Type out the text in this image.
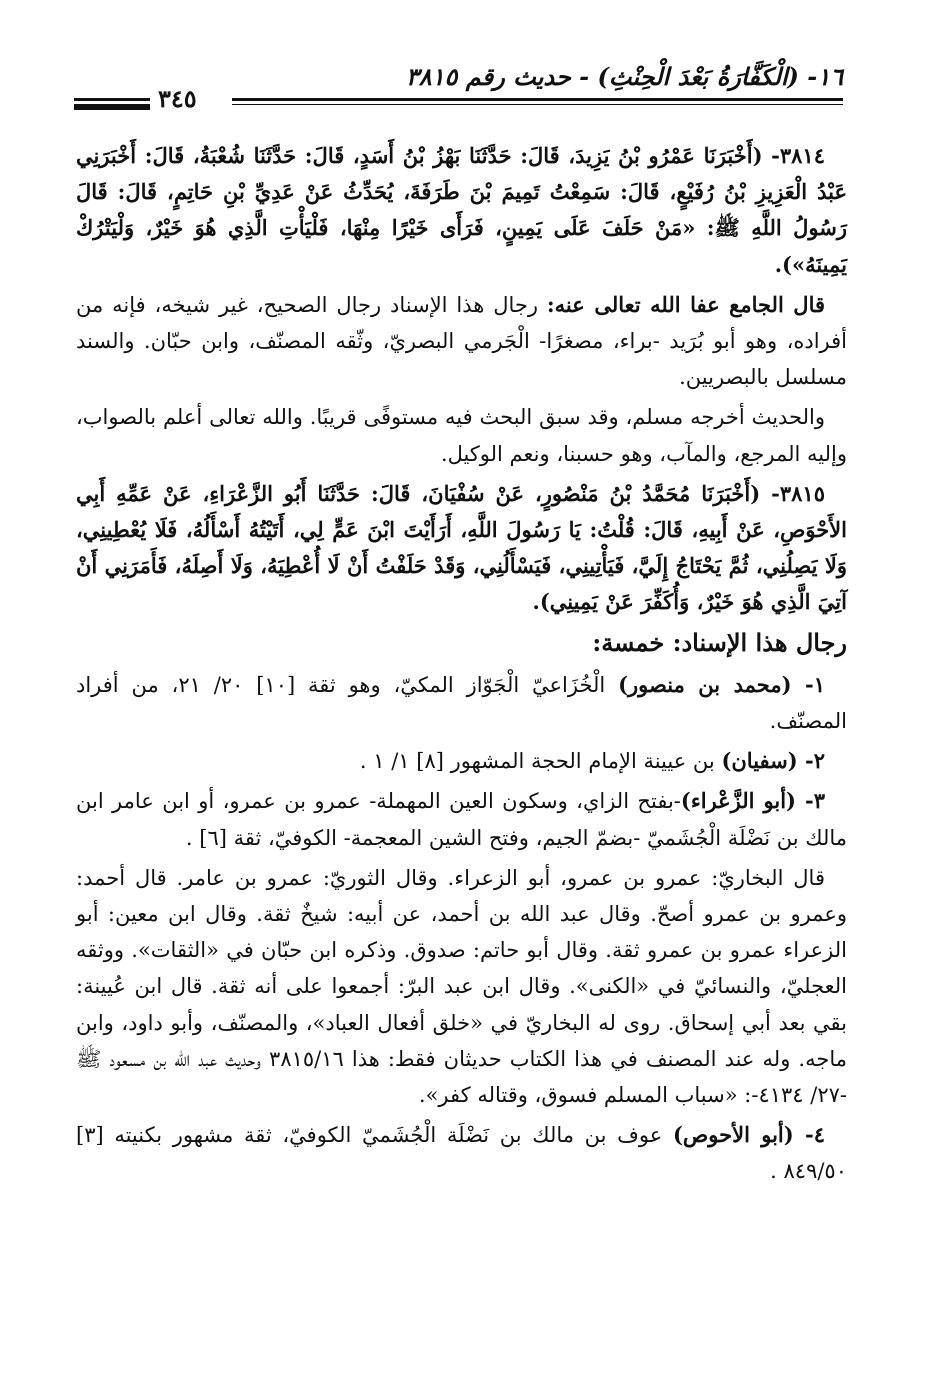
١٦- (الْكَفَّارَةُ بَعْدَ الْحِنْثِ) - حديث رقم ٣٨١٥
٣٤٥

٣٨١٤- (أَخْبَرَنَا عَمْرُو بْنُ يَزِيدَ، قَالَ: حَدَّثَنَا بَهْزُ بْنُ أَسَدٍ، قَالَ: حَدَّثَنَا شُعْبَةُ، قَالَ: أَخْبَرَنِي عَبْدُ الْعَزِيزِ بْنُ رُفَيْعٍ، قَالَ: سَمِعْتُ تَمِيمَ بْنَ طَرَفَةَ، يُحَدِّثُ عَنْ عَدِيِّ بْنِ حَاتِمٍ، قَالَ: قَالَ رَسُولُ اللَّهِ ﷺ: «مَنْ حَلَفَ عَلَى يَمِينٍ، فَرَأَى خَيْرًا مِنْهَا، فَلْيَأْتِ الَّذِي هُوَ خَيْرٌ، وَلْيَتْرُكْ يَمِينَهُ»).

قال الجامع عفا الله تعالى عنه: رجال هذا الإسناد رجال الصحيح، غير شيخه، فإنه من أفراده، وهو أبو بُرَيد -براء، مصغرًا- الْجَرمي البصريّ، وثّقه المصنّف، وابن حبّان. والسند مسلسل بالبصريين.

والحديث أخرجه مسلم، وقد سبق البحث فيه مستوفًى قريبًا. والله تعالى أعلم بالصواب، وإليه المرجع، والمآب، وهو حسبنا، ونعم الوكيل.

٣٨١٥- (أَخْبَرَنَا مُحَمَّدُ بْنُ مَنْصُورٍ، عَنْ سُفْيَانَ، قَالَ: حَدَّثَنَا أَبُو الزَّعْرَاءِ، عَنْ عَمِّهِ أَبِي الأَحْوَصِ، عَنْ أَبِيهِ، قَالَ: قُلْتُ: يَا رَسُولَ اللَّهِ، أَرَأَيْتَ ابْنَ عَمٍّ لِي، أَتَيْتُهُ أَسْأَلُهُ، فَلَا يُعْطِينِي، وَلَا يَصِلُنِي، ثُمَّ يَحْتَاجُ إِلَيَّ، فَيَأْتِينِي، فَيَسْأَلُنِي، وَقَدْ حَلَفْتُ أَنْ لَا أُعْطِيَهُ، وَلَا أَصِلَهُ، فَأَمَرَنِي أَنْ آتِيَ الَّذِي هُوَ خَيْرٌ، وَأُكَفِّرَ عَنْ يَمِينِي).

رجال هذا الإسناد: خمسة:

١- (محمد بن منصور) الْخُزَاعيّ الْجَوّاز المكيّ، وهو ثقة [١٠] ٢٠/ ٢١، من أفراد المصنّف.

٢- (سفيان) بن عيينة الإمام الحجة المشهور [٨] ١/ ١ .

٣- (أبو الزَّعْراء)-بفتح الزاي، وسكون العين المهملة- عمرو بن عمرو، أو ابن عامر ابن مالك بن نَضْلَة الْجُشَميّ -بضمّ الجيم، وفتح الشين المعجمة- الكوفيّ، ثقة [٦] .

قال البخاريّ: عمرو بن عمرو، أبو الزعراء. وقال الثوريّ: عمرو بن عامر. قال أحمد: وعمرو بن عمرو أصحّ. وقال عبد الله بن أحمد، عن أبيه: شيخٌ ثقة. وقال ابن معين: أبو الزعراء عمرو بن عمرو ثقة. وقال أبو حاتم: صدوق. وذكره ابن حبّان في «الثقات». ووثقه العجليّ، والنسائيّ في «الكنى». وقال ابن عبد البرّ: أجمعوا على أنه ثقة. قال ابن عُيينة: بقي بعد أبي إسحاق. روى له البخاريّ في «خلق أفعال العباد»، والمصنّف، وأبو داود، وابن ماجه. وله عند المصنف في هذا الكتاب حديثان فقط: هذا ٣٨١٥/١٦ وحديث عبد الله بن مسعود ﷺ -٢٧/ ٤١٣٤-: «سباب المسلم فسوق، وقتاله كفر».

٤- (أبو الأحوص) عوف بن مالك بن نَضْلَة الْجُشَميّ الكوفيّ، ثقة مشهور بكنيته [٣] ٨٤٩/٥٠ .
